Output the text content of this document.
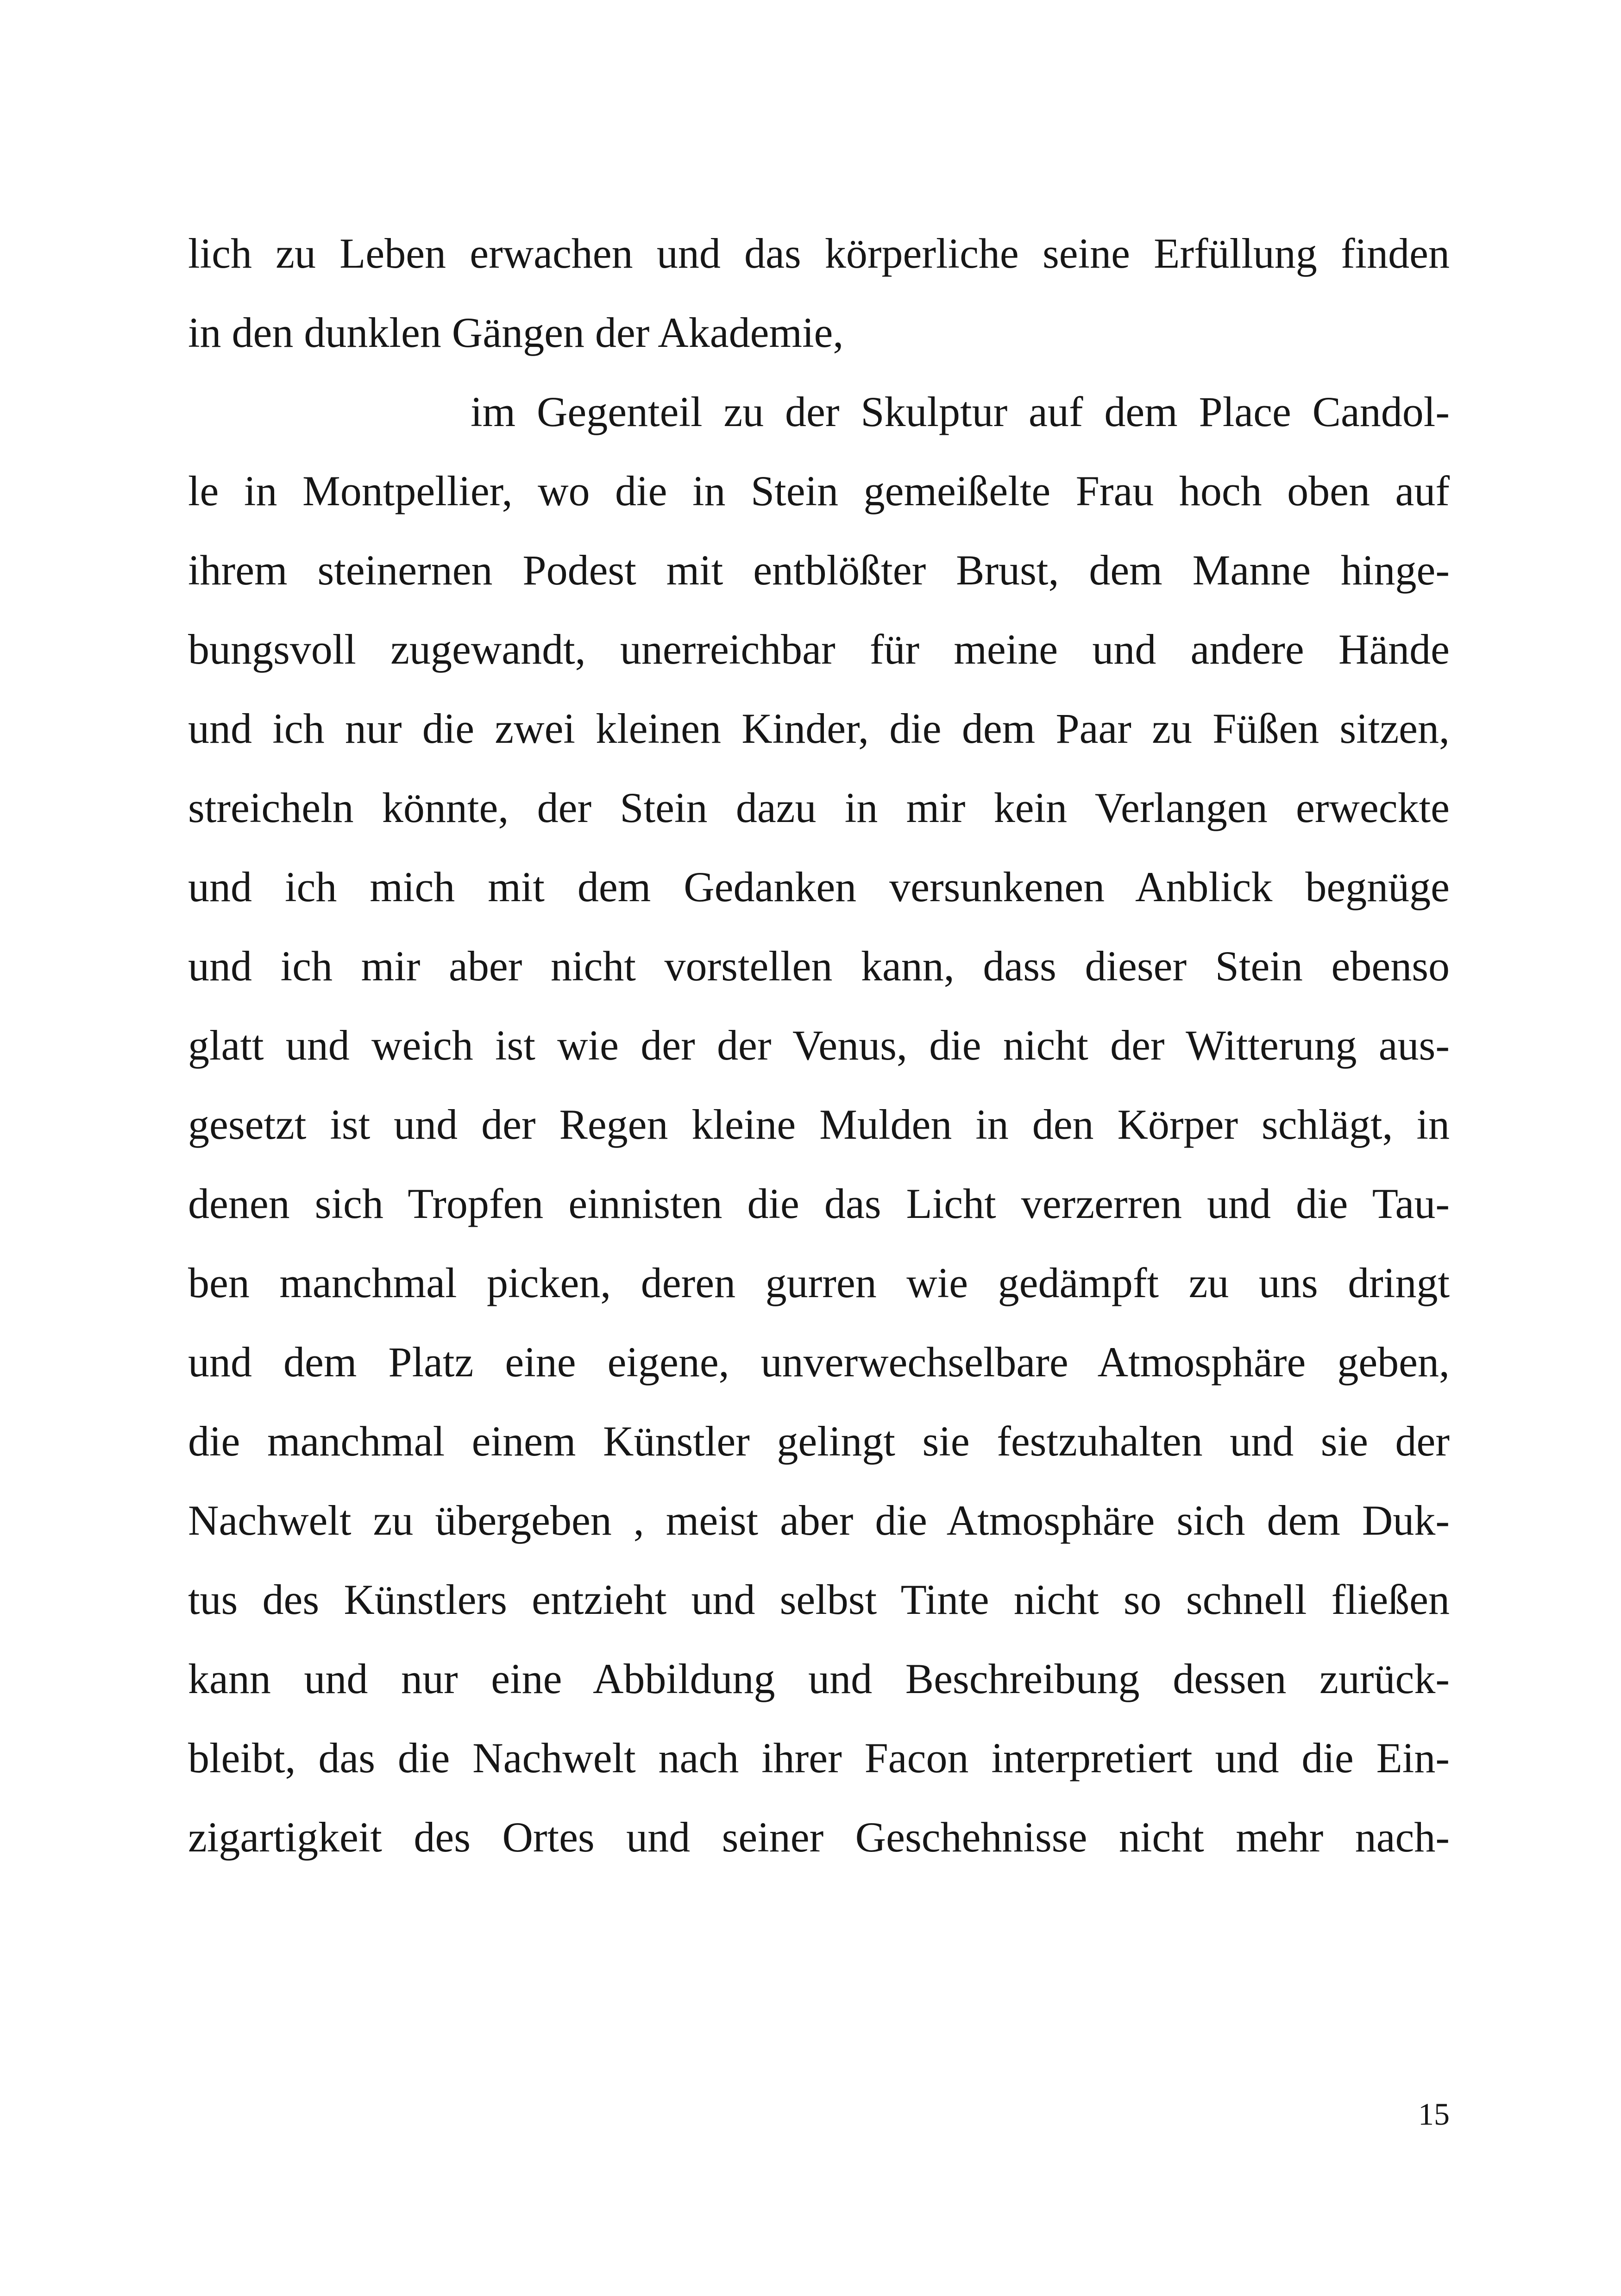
lich zu Leben erwachen und das körperliche seine Erfüllung finden
in den dunklen Gängen der Akademie,
im Gegenteil zu der Skulptur auf dem Place Candol-
le in Montpellier, wo die in Stein gemeißelte Frau hoch oben auf
ihrem steinernen Podest mit entblößter Brust, dem Manne hinge-
bungsvoll zugewandt, unerreichbar für meine und andere Hände
und ich nur die zwei kleinen Kinder, die dem Paar zu Füßen sitzen,
streicheln könnte, der Stein dazu in mir kein Verlangen erweckte
und ich mich mit dem Gedanken versunkenen Anblick begnüge
und ich mir aber nicht vorstellen kann, dass dieser Stein ebenso
glatt und weich ist wie der der Venus, die nicht der Witterung aus-
gesetzt ist und der Regen kleine Mulden in den Körper schlägt, in
denen sich Tropfen einnisten die das Licht verzerren und die Tau-
ben manchmal picken, deren gurren wie gedämpft zu uns dringt
und dem Platz eine eigene, unverwechselbare Atmosphäre geben,
die manchmal einem Künstler gelingt sie festzuhalten und sie der
Nachwelt zu übergeben , meist aber die Atmosphäre sich dem Duk-
tus des Künstlers entzieht und selbst Tinte nicht so schnell fließen
kann und nur eine Abbildung und Beschreibung dessen zurück-
bleibt, das die Nachwelt nach ihrer Facon interpretiert und die Ein-
zigartigkeit des Ortes und seiner Geschehnisse nicht mehr nach-
15
